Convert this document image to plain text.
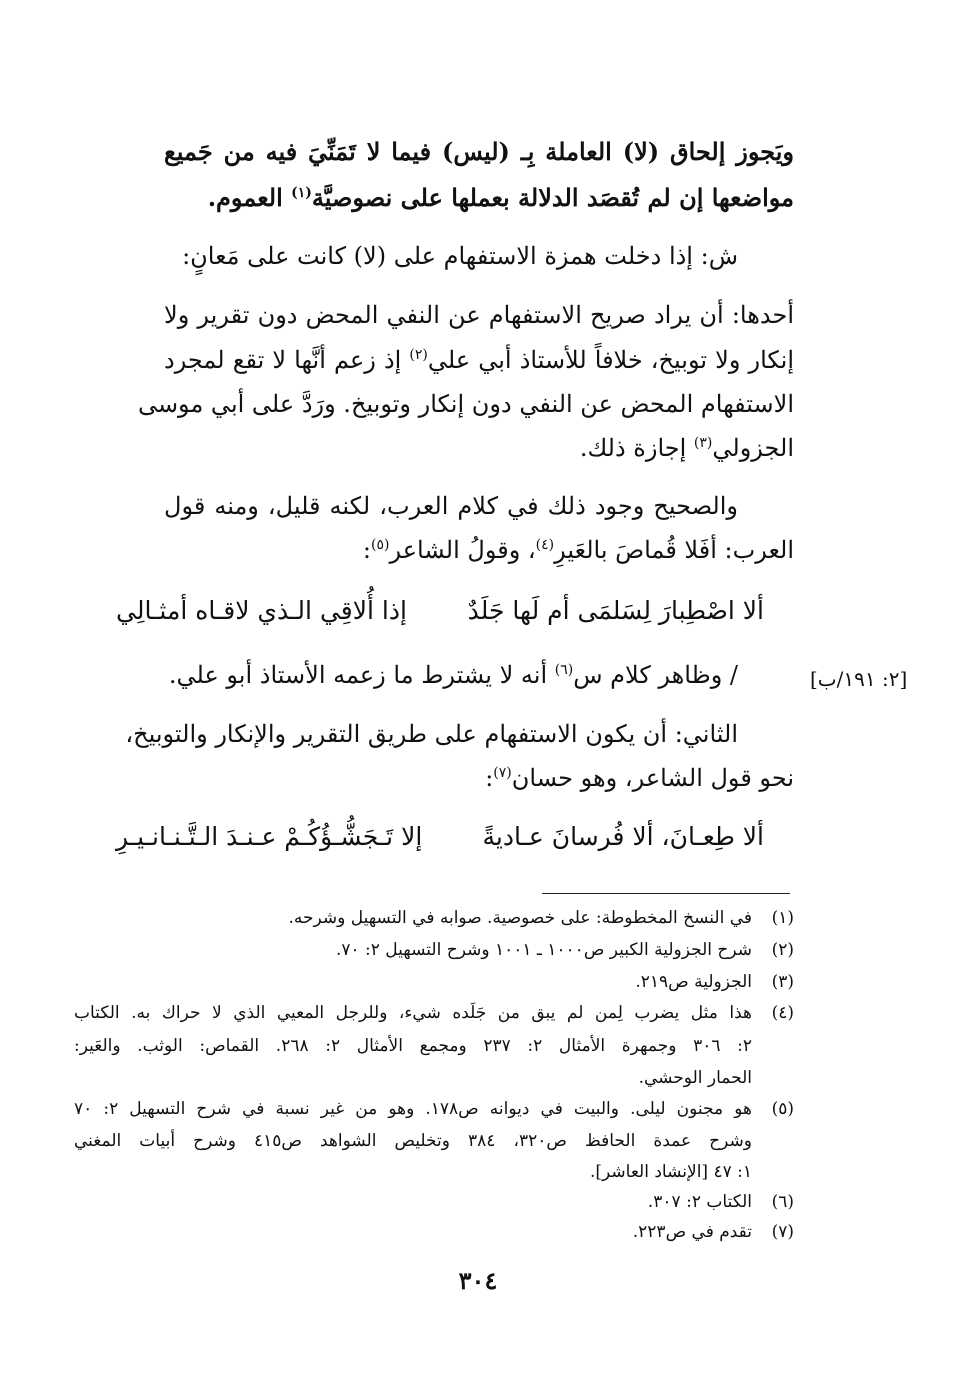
ويَجوز إلحاق (لا) العاملة بِـ (ليس) فيما لا تَمَنِّيَ فيه من جَميع
مواضعها إن لم تُقصَد الدلالة بعملها على نصوصيَّة$^{(١)}$ العموم.
ش: إذا دخلت همزة الاستفهام على (لا) كانت على مَعانٍ:
أحدها: أن يراد صريح الاستفهام عن النفي المحض دون تقرير ولا
إنكار ولا توبيخ، خلافاً للأستاذ أبي علي$^{(٢)}$ إذ زعم أنَّها لا تقع لمجرد
الاستفهام المحض عن النفي دون إنكار وتوبيخ. ورَدَّ على أبي موسى
الجزولي$^{(٣)}$ إجازة ذلك.
والصحيح وجود ذلك في كلام العرب، لكنه قليل، ومنه قول
العرب: أفَلا قُماصَ بالعَيرِ$^{(٤)}$، وقولُ الشاعر$^{(٥)}$:
ألا اصْطِبارَ لِسَلمَى أم لَها جَلَدٌ
إذا أُلاقِي الـذي لاقـاه أمثـالِي
/ وظاهر كلام س$^{(٦)}$ أنه لا يشترط ما زعمه الأستاذ أبو علي.	[٢: ١٩١/ب]
الثاني: أن يكون الاستفهام على طريق التقرير والإنكار والتوبيخ،
نحو قول الشاعر، وهو حسان$^{(٧)}$:
ألا طِعـانَ، ألا فُرسانَ عـاديةً
إلا تَـجَشُّـؤُكُـمْ عـنـدَ الـتَّـنـانـيـرِ
(١)
في النسخ المخطوطة: على خصوصية. صوابه في التسهيل وشرحه.
(٢)
شرح الجزولية الكبير ص١٠٠٠ ـ ١٠٠١ وشرح التسهيل ٢: ٧٠.
(٣)
الجزولية ص٢١٩.
(٤)
هذا مثل يضرب لِمن لم يبق من جَلَده شيء، وللرجل المعيي الذي لا حراك به. الكتاب
٢: ٣٠٦ وجمهرة الأمثال ٢: ٢٣٧ ومجمع الأمثال ٢: ٢٦٨. القماص: الوثب. والعَير:
الحمار الوحشي.
(٥)
هو مجنون ليلى. والبيت في ديوانه ص١٧٨. وهو من غير نسبة في شرح التسهيل ٢: ٧٠
وشرح عمدة الحافظ ص٣٢٠، ٣٨٤ وتخليص الشواهد ص٤١٥ وشرح أبيات المغني
١: ٤٧ [الإنشاد العاشر].
(٦)
الكتاب ٢: ٣٠٧.
(٧)
تقدم في ص٢٢٣.
٣٠٤
